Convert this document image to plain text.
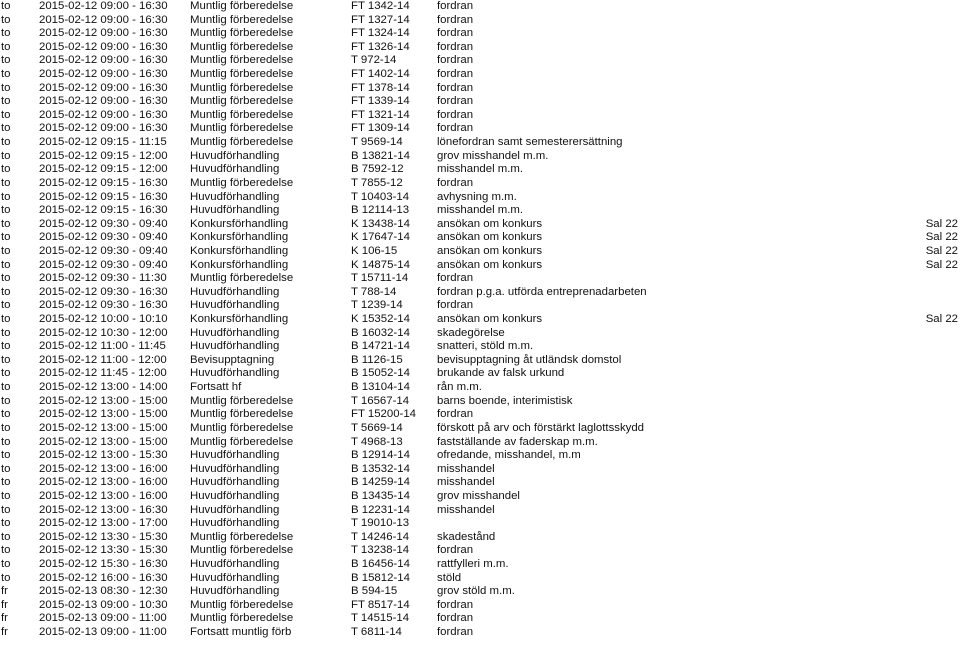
to	2015-02-12 09:00 - 16:30 Muntlig förberedelse	FT 1342-14 fordran
to	2015-02-12 09:00 - 16:30 Muntlig förberedelse	FT 1327-14 fordran
to	2015-02-12 09:00 - 16:30 Muntlig förberedelse	FT 1324-14 fordran
to	2015-02-12 09:00 - 16:30 Muntlig förberedelse	FT 1326-14 fordran
to	2015-02-12 09:00 - 16:30 Muntlig förberedelse	T 972-14	fordran
to	2015-02-12 09:00 - 16:30 Muntlig förberedelse	FT 1402-14 fordran
to	2015-02-12 09:00 - 16:30 Muntlig förberedelse	FT 1378-14 fordran
to	2015-02-12 09:00 - 16:30 Muntlig förberedelse	FT 1339-14 fordran
to	2015-02-12 09:00 - 16:30 Muntlig förberedelse	FT 1321-14 fordran
to	2015-02-12 09:00 - 16:30 Muntlig förberedelse	FT 1309-14 fordran
to	2015-02-12 09:15 - 11:15 Muntlig förberedelse	T 9569-14	lönefordran samt semesterersättning
to	2015-02-12 09:15 - 12:00 Huvudförhandling	B 13821-14 grov misshandel m.m.
to	2015-02-12 09:15 - 12:00 Huvudförhandling	B 7592-12	misshandel m.m.
to	2015-02-12 09:15 - 16:30 Muntlig förberedelse	T 7855-12	fordran
to	2015-02-12 09:15 - 16:30 Huvudförhandling	T 10403-14 avhysning m.m.
to	2015-02-12 09:15 - 16:30 Huvudförhandling	B 12114-13 misshandel m.m.
to	2015-02-12 09:30 - 09:40 Konkursförhandling	K 13438-14 ansökan om konkurs	Sal 22
to	2015-02-12 09:30 - 09:40 Konkursförhandling	K 17647-14 ansökan om konkurs	Sal 22
to	2015-02-12 09:30 - 09:40 Konkursförhandling	K 106-15	ansökan om konkurs	Sal 22
to	2015-02-12 09:30 - 09:40 Konkursförhandling	K 14875-14 ansökan om konkurs	Sal 22
to	2015-02-12 09:30 - 11:30 Muntlig förberedelse	T 15711-14	fordran
to	2015-02-12 09:30 - 16:30 Huvudförhandling	T 788-14	fordran p.g.a. utförda entreprenadarbeten
to	2015-02-12 09:30 - 16:30 Huvudförhandling	T 1239-14	fordran
to	2015-02-12 10:00 - 10:10 Konkursförhandling	K 15352-14 ansökan om konkurs	Sal 22
to	2015-02-12 10:30 - 12:00 Huvudförhandling	B 16032-14 skadegörelse
to	2015-02-12 11:00 - 11:45 Huvudförhandling	B 14721-14 snatteri, stöld m.m.
to	2015-02-12 11:00 - 12:00 Bevisupptagning	B 1126-15	bevisupptagning åt utländsk domstol
to	2015-02-12 11:45 - 12:00 Huvudförhandling	B 15052-14 brukande av falsk urkund
to	2015-02-12 13:00 - 14:00 Fortsatt hf	B 13104-14 rån m.m.
to	2015-02-12 13:00 - 15:00 Muntlig förberedelse	T 16567-14 barns boende, interimistisk
to	2015-02-12 13:00 - 15:00 Muntlig förberedelse	FT 15200-14 fordran
to	2015-02-12 13:00 - 15:00 Muntlig förberedelse	T 5669-14	förskott på arv och förstärkt laglottsskydd
to	2015-02-12 13:00 - 15:00 Muntlig förberedelse	T 4968-13	fastställande av faderskap m.m.
to	2015-02-12 13:00 - 15:30 Huvudförhandling	B 12914-14 ofredande, misshandel, m.m
to	2015-02-12 13:00 - 16:00 Huvudförhandling	B 13532-14 misshandel
to	2015-02-12 13:00 - 16:00 Huvudförhandling	B 14259-14 misshandel
to	2015-02-12 13:00 - 16:00 Huvudförhandling	B 13435-14 grov misshandel
to	2015-02-12 13:00 - 16:30 Huvudförhandling	B 12231-14 misshandel
to	2015-02-12 13:00 - 17:00 Huvudförhandling	T 19010-13
to	2015-02-12 13:30 - 15:30 Muntlig förberedelse	T 14246-14 skadestånd
to	2015-02-12 13:30 - 15:30 Muntlig förberedelse	T 13238-14 fordran
to	2015-02-12 15:30 - 16:30 Huvudförhandling	B 16456-14 rattfylleri m.m.
to	2015-02-12 16:00 - 16:30 Huvudförhandling	B 15812-14 stöld
fr	2015-02-13 08:30 - 12:30 Huvudförhandling	B 594-15	grov stöld m.m.
fr	2015-02-13 09:00 - 10:30 Muntlig förberedelse	FT 8517-14 fordran
fr	2015-02-13 09:00 - 11:00 Muntlig förberedelse	T 14515-14 fordran
fr	2015-02-13 09:00 - 11:00 Fortsatt muntlig förb	T 6811-14	fordran
